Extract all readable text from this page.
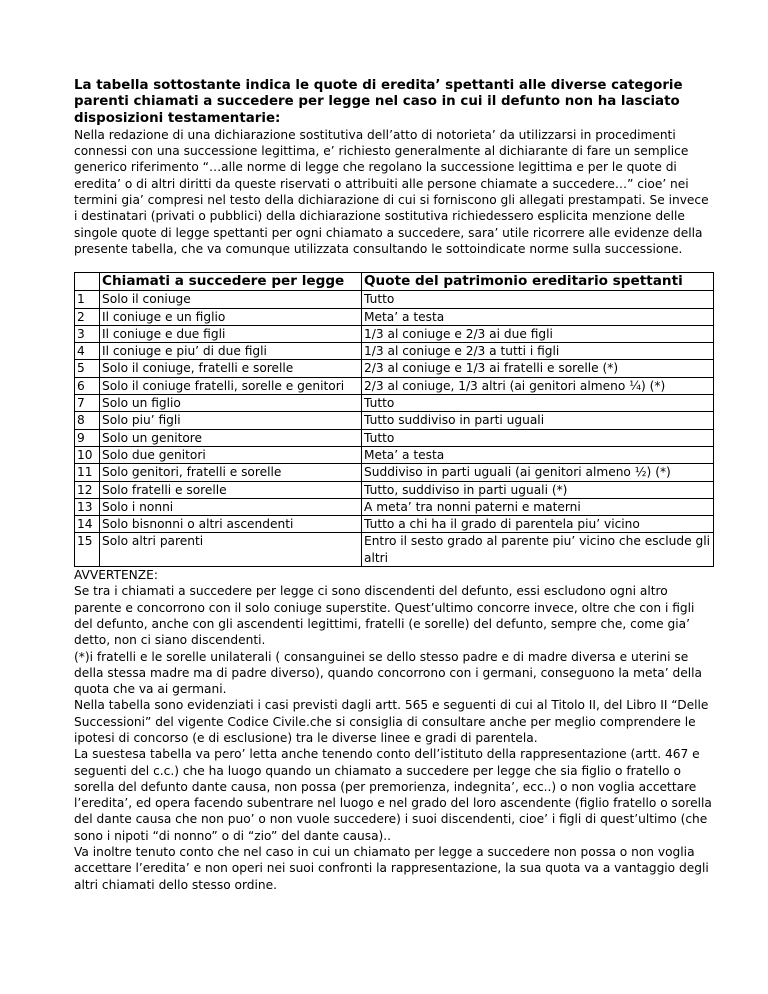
La tabella sottostante indica le quote di eredita’ spettanti alle diverse categorie parenti chiamati a succedere per legge nel caso in cui il defunto non ha lasciato disposizioni testamentarie:

Nella redazione di una dichiarazione sostitutiva dell’atto di notorieta’ da utilizzarsi in procedimenti connessi con una successione legittima, e’ richiesto generalmente al dichiarante di fare un semplice generico riferimento “…alle norme di legge che regolano la successione legittima e per le quote di eredita’ o di altri diritti da queste riservati o attribuiti alle persone chiamate a succedere…” cioe’ nei termini gia’ compresi nel testo della dichiarazione di cui si forniscono gli allegati prestampati. Se invece i destinatari (privati o pubblici) della dichiarazione sostitutiva richiedessero esplicita menzione delle singole quote di legge spettanti per ogni chiamato a succedere, sara’ utile ricorrere alle evidenze della presente tabella, che va comunque utilizzata consultando le sottoindicate norme sulla successione.

	Chiamati a succedere per legge	Quote del patrimonio ereditario spettanti
1	Solo il coniuge	Tutto
2	Il coniuge e un figlio	Meta’ a testa
3	Il coniuge e due figli	1/3 al coniuge e 2/3 ai due figli
4	Il coniuge e piu’ di due figli	1/3 al coniuge e 2/3 a tutti i figli
5	Solo il coniuge, fratelli e sorelle	2/3 al coniuge e 1/3 ai fratelli e sorelle (*)
6	Solo il coniuge fratelli, sorelle e genitori	2/3 al coniuge, 1/3 altri (ai genitori almeno ¼) (*)
7	Solo un figlio	Tutto
8	Solo piu’ figli	Tutto suddiviso in parti uguali
9	Solo un genitore	Tutto
10	Solo due genitori	Meta’ a testa
11	Solo genitori, fratelli e sorelle	Suddiviso in parti uguali (ai genitori almeno ½) (*)
12	Solo fratelli e sorelle	Tutto, suddiviso in parti uguali (*)
13	Solo i nonni	A meta’ tra nonni paterni e materni
14	Solo bisnonni o altri ascendenti	Tutto a chi ha il grado di parentela piu’ vicino
15	Solo altri parenti	Entro il sesto grado al parente piu’ vicino che esclude gli altri

AVVERTENZE:

Se tra i chiamati a succedere per legge ci sono discendenti del defunto, essi escludono ogni altro parente e concorrono con il solo coniuge superstite. Quest’ultimo concorre invece, oltre che con i figli del defunto, anche con gli ascendenti legittimi, fratelli (e sorelle) del defunto, sempre che, come gia’ detto, non ci siano discendenti.

(*)i fratelli e le sorelle unilaterali ( consanguinei se dello stesso padre e di madre diversa e uterini se della stessa madre ma di padre diverso), quando concorrono con i germani, conseguono la meta’ della quota che va ai germani.

Nella tabella sono evidenziati i casi previsti dagli artt. 565 e seguenti di cui al Titolo II, del Libro II “Delle Successioni” del vigente Codice Civile.che si consiglia di consultare anche per meglio comprendere le ipotesi di concorso (e di esclusione) tra le diverse linee e gradi di parentela.

La suestesa tabella va pero’ letta anche tenendo conto dell’istituto della rappresentazione (artt. 467 e seguenti del c.c.) che ha luogo quando un chiamato a succedere per legge che sia figlio o fratello o sorella del defunto dante causa, non possa (per premorienza, indegnita’, ecc..) o non voglia accettare l’eredita’, ed opera facendo subentrare nel luogo e nel grado del loro ascendente (figlio fratello o sorella del dante causa che non puo’ o non vuole succedere) i suoi discendenti, cioe’ i figli di quest’ultimo (che sono i nipoti “di nonno” o di “zio” del dante causa)..

Va inoltre tenuto conto che nel caso in cui un chiamato per legge a succedere non possa o non voglia accettare l’eredita’ e non operi nei suoi confronti la rappresentazione, la sua quota va a vantaggio degli altri chiamati dello stesso ordine.
